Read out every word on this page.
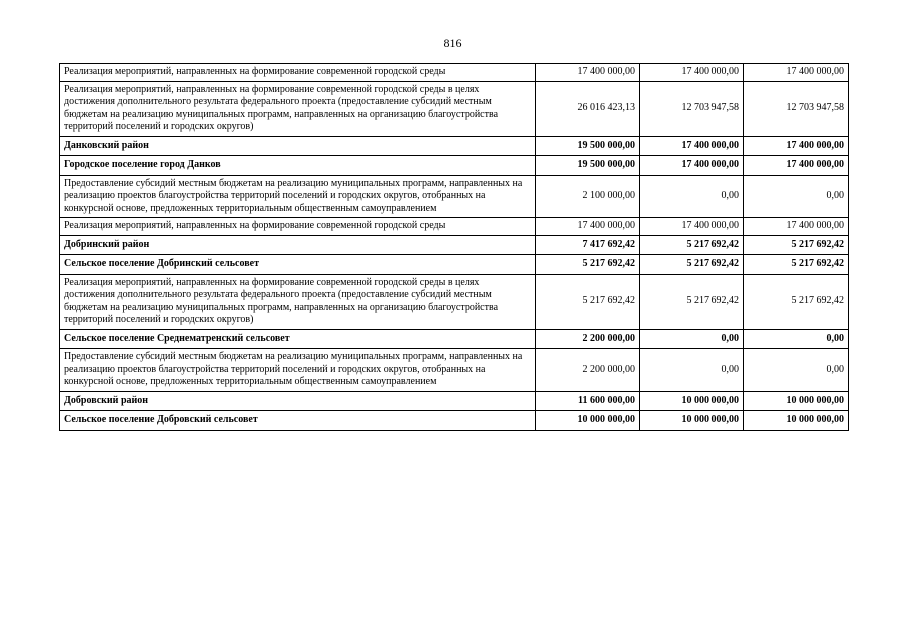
816
Реализация мероприятий, направленных на формирование современной городской среды	17 400 000,00	17 400 000,00	17 400 000,00
Реализация мероприятий, направленных на формирование современной городской среды в целях достижения дополнительного результата федерального проекта (предоставление субсидий местным бюджетам на реализацию муниципальных программ, направленных на организацию благоустройства территорий поселений и городских округов)	26 016 423,13	12 703 947,58	12 703 947,58
Данковский район	19 500 000,00	17 400 000,00	17 400 000,00
Городское поселение город Данков	19 500 000,00	17 400 000,00	17 400 000,00
Предоставление субсидий местным бюджетам на реализацию муниципальных программ, направленных на реализацию проектов благоустройства территорий поселений и городских округов, отобранных на конкурсной основе, предложенных территориальным общественным самоуправлением	2 100 000,00	0,00	0,00
Реализация мероприятий, направленных на формирование современной городской среды	17 400 000,00	17 400 000,00	17 400 000,00
Добринский район	7 417 692,42	5 217 692,42	5 217 692,42
Сельское поселение Добринский сельсовет	5 217 692,42	5 217 692,42	5 217 692,42
Реализация мероприятий, направленных на формирование современной городской среды в целях достижения дополнительного результата федерального проекта (предоставление субсидий местным бюджетам на реализацию муниципальных программ, направленных на организацию благоустройства территорий поселений и городских округов)	5 217 692,42	5 217 692,42	5 217 692,42
Сельское поселение Среднематренский сельсовет	2 200 000,00	0,00	0,00
Предоставление субсидий местным бюджетам на реализацию муниципальных программ, направленных на реализацию проектов благоустройства территорий поселений и городских округов, отобранных на конкурсной основе, предложенных территориальным общественным самоуправлением	2 200 000,00	0,00	0,00
Добровский район	11 600 000,00	10 000 000,00	10 000 000,00
Сельское поселение Добровский сельсовет	10 000 000,00	10 000 000,00	10 000 000,00
